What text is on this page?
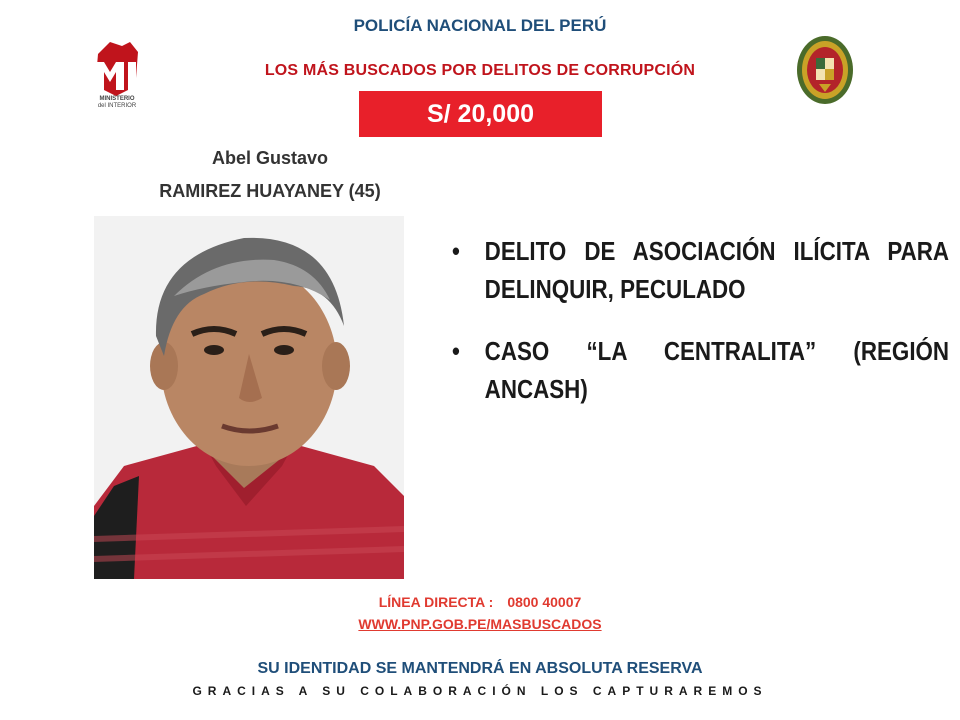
MINISTERIO
del INTERIOR
POLICÍA NACIONAL DEL PERÚ
LOS MÁS BUSCADOS POR DELITOS DE CORRUPCIÓN
S/ 20,000
Abel Gustavo
RAMIREZ HUAYANEY (45)
• DELITO DE ASOCIACIÓN ILÍCITA PARA DELINQUIR, PECULADO
• CASO “LA CENTRALITA” (REGIÓN ANCASH)
LÍNEA DIRECTA : 0800 40007
WWW.PNP.GOB.PE/MASBUSCADOS
SU IDENTIDAD SE MANTENDRÁ EN ABSOLUTA RESERVA
GRACIAS A SU COLABORACIÓN LOS CAPTURAREMOS
